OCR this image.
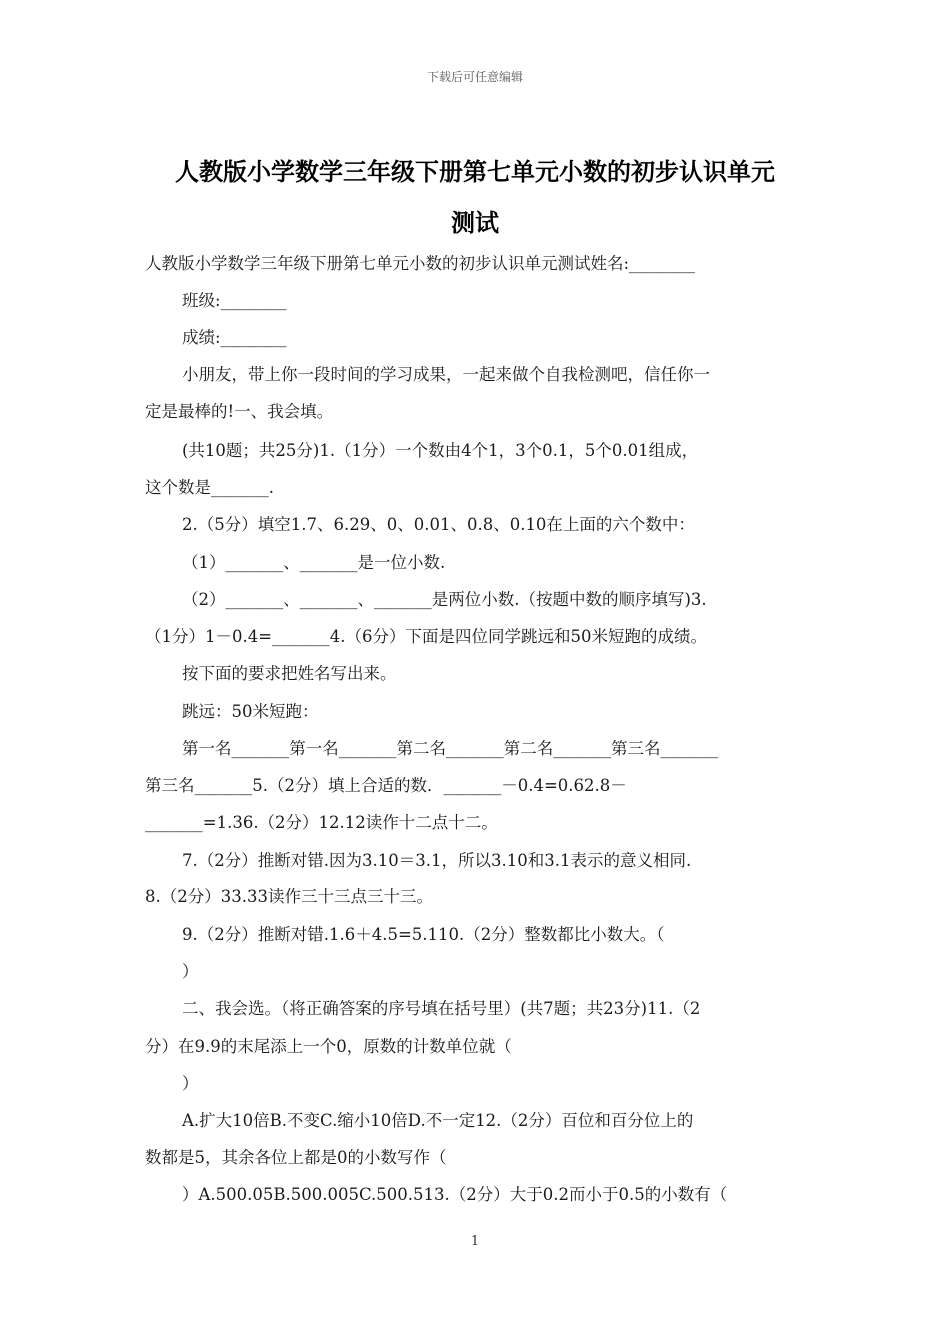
下载后可任意编辑
人教版小学数学三年级下册第七单元小数的初步认识单元
测试
人教版小学数学三年级下册第七单元小数的初步认识单元测试姓名:________
班级:________
成绩:________
小朋友，带上你一段时间的学习成果，一起来做个自我检测吧，信任你一
定是最棒的!一、我会填。
(共10题；共25分)1.（1分）一个数由4个1，3个0.1，5个0.01组成，
这个数是_______.
2.（5分）填空1.7、6.29、0、0.01、0.8、0.10在上面的六个数中：
（1）_______、_______是一位小数.
（2）_______、_______、_______是两位小数.（按题中数的顺序填写)3.
（1分）1－0.4=_______4.（6分）下面是四位同学跳远和50米短跑的成绩。
按下面的要求把姓名写出来。
跳远：50米短跑：
第一名_______第一名_______第二名_______第二名_______第三名_______
第三名_______5.（2分）填上合适的数．_______－0.4=0.62.8－
_______=1.36.（2分）12.12读作十二点十二。
7.（2分）推断对错.因为3.10＝3.1，所以3.10和3.1表示的意义相同.
8.（2分）33.33读作三十三点三十三。
9.（2分）推断对错.1.6＋4.5=5.110.（2分）整数都比小数大。（
）
二、我会选。（将正确答案的序号填在括号里）(共7题；共23分)11.（2
分）在9.9的末尾添上一个0，原数的计数单位就（
）
A.扩大10倍B.不变C.缩小10倍D.不一定12.（2分）百位和百分位上的
数都是5，其余各位上都是0的小数写作（
）A.500.05B.500.005C.500.513.（2分）大于0.2而小于0.5的小数有（
1
